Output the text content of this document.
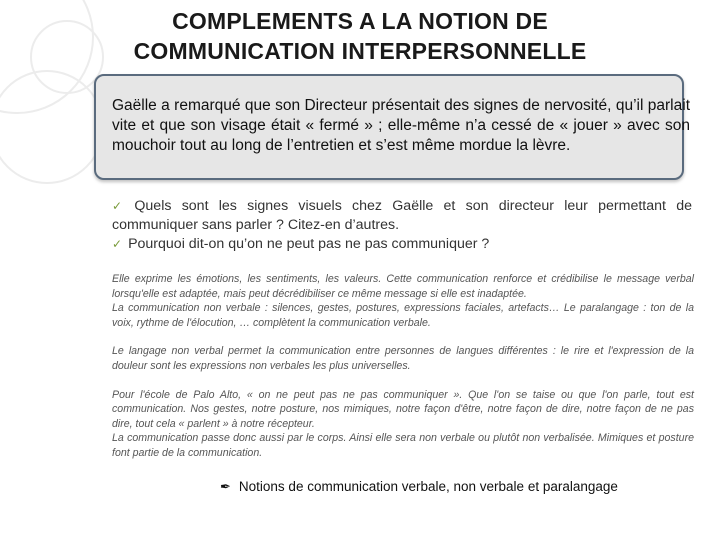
COMPLEMENTS A LA NOTION DE
COMMUNICATION INTERPERSONNELLE
Gaëlle a remarqué que son Directeur présentait des signes de nervosité, qu’il parlait vite et que son visage était « fermé » ; elle-même n’a cessé de « jouer » avec son mouchoir tout au long de l’entretien et s’est même mordue la lèvre.

✓ Quels sont les signes visuels chez Gaëlle et son directeur leur permettant de communiquer sans parler ? Citez-en d’autres.

✓ Pourquoi dit-on qu’on ne peut pas ne pas communiquer ?

Elle exprime les émotions, les sentiments, les valeurs. Cette communication renforce et crédibilise le message verbal lorsqu'elle est adaptée, mais peut décrédibiliser ce même message si elle est inadaptée.

La communication non verbale : silences, gestes, postures, expressions faciales, artefacts… Le paralangage : ton de la voix, rythme de l'élocution, … complètent la communication verbale.

Le langage non verbal permet la communication entre personnes de langues différentes : le rire et l'expression de la douleur sont les expressions non verbales les plus universelles.

Pour l'école de Palo Alto, « on ne peut pas ne pas communiquer ». Que l'on se taise ou que l'on parle, tout est communication. Nos gestes, notre posture, nos mimiques, notre façon d'être, notre façon de dire, notre façon de ne pas dire, tout cela « parlent » à notre récepteur.

La communication passe donc aussi par le corps. Ainsi elle sera non verbale ou plutôt non verbalisée. Mimiques et posture font partie de la communication.

✒ Notions de communication verbale, non verbale et paralangage
